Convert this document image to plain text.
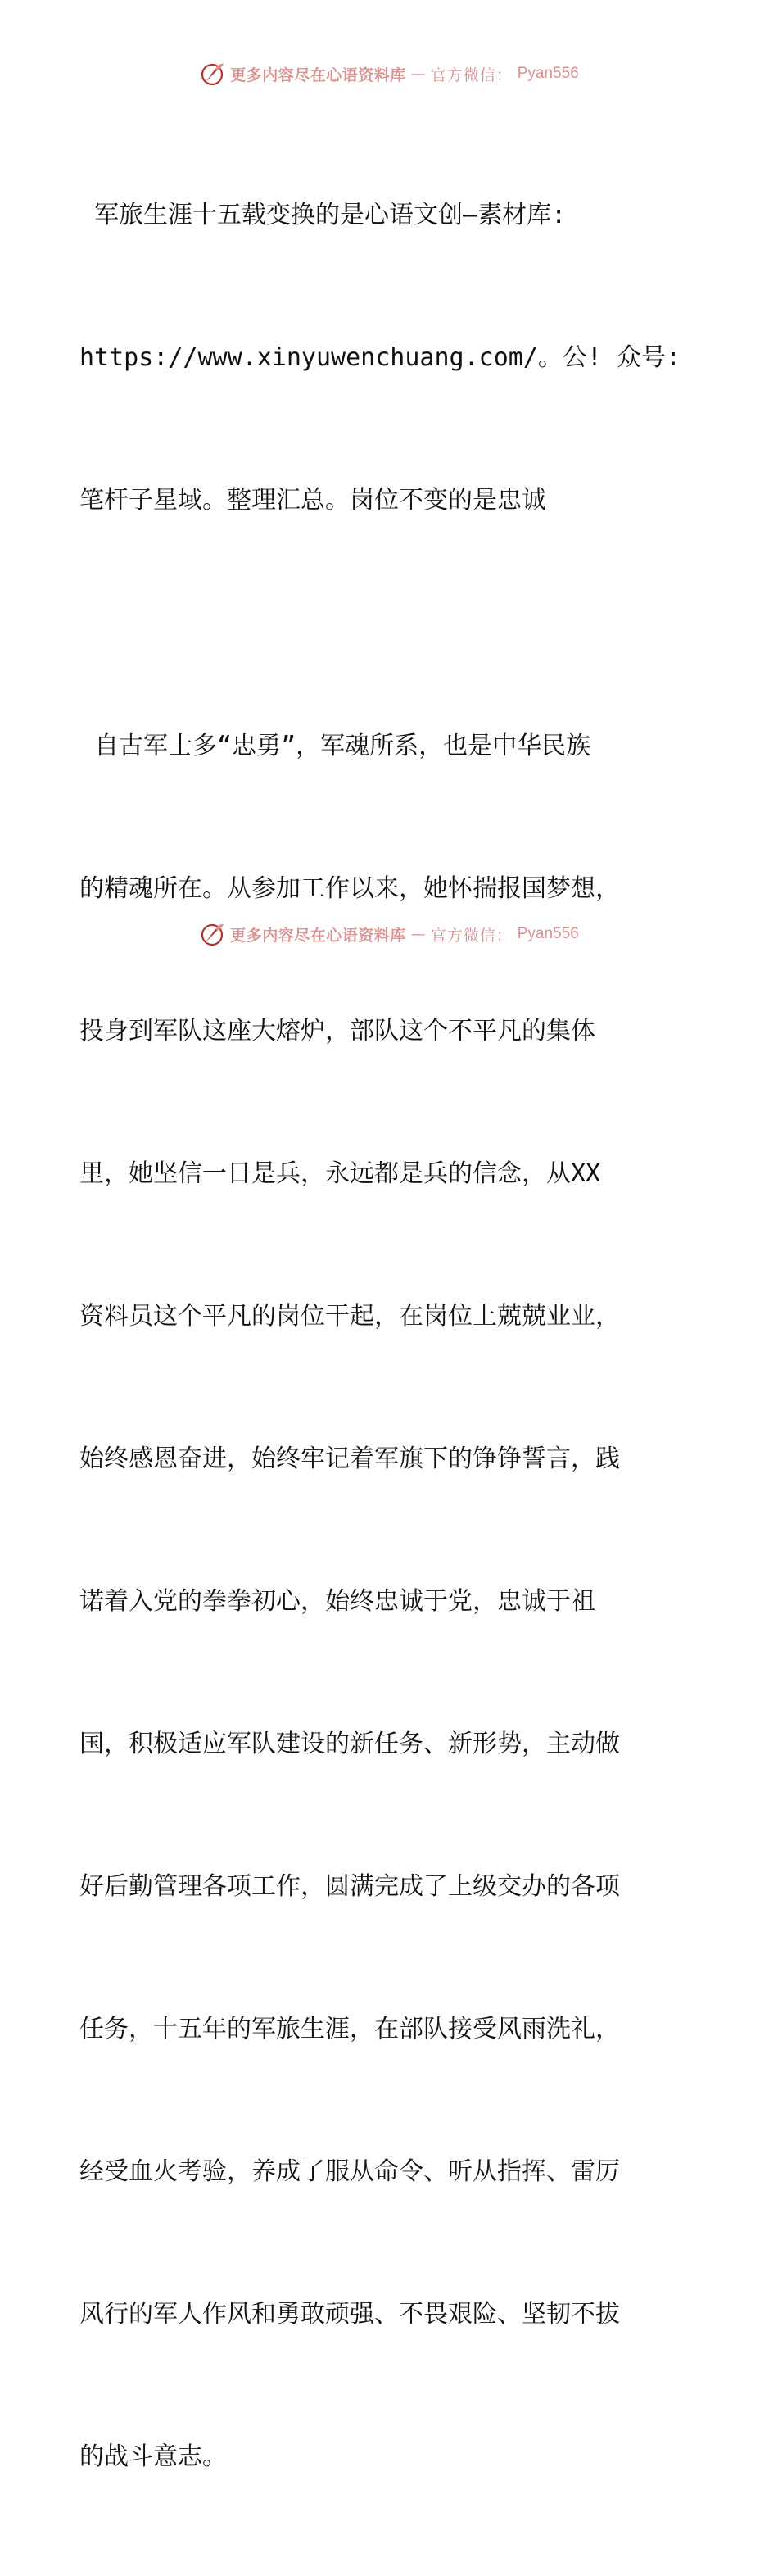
更多内容尽在心语资料库 — 官方微信： Pyan556

军旅生涯十五载变换的是心语文创—素材库:

https://www.xinyuwenchuang.com/。公! 众号:

笔杆子星域。整理汇总。岗位不变的是忠诚

自古军士多“忠勇”，军魂所系，也是中华民族

的精魂所在。从参加工作以来，她怀揣报国梦想，

投身到军队这座大熔炉，部队这个不平凡的集体

里，她坚信一日是兵，永远都是兵的信念，从XX

资料员这个平凡的岗位干起，在岗位上兢兢业业，

始终感恩奋进，始终牢记着军旗下的铮铮誓言，践

诺着入党的拳拳初心，始终忠诚于党，忠诚于祖

国，积极适应军队建设的新任务、新形势，主动做

好后勤管理各项工作，圆满完成了上级交办的各项

任务，十五年的军旅生涯，在部队接受风雨洗礼，

经受血火考验，养成了服从命令、听从指挥、雷厉

风行的军人作风和勇敢顽强、不畏艰险、坚韧不拔

的战斗意志。

更多内容尽在心语资料库 — 官方微信： Pyan556
